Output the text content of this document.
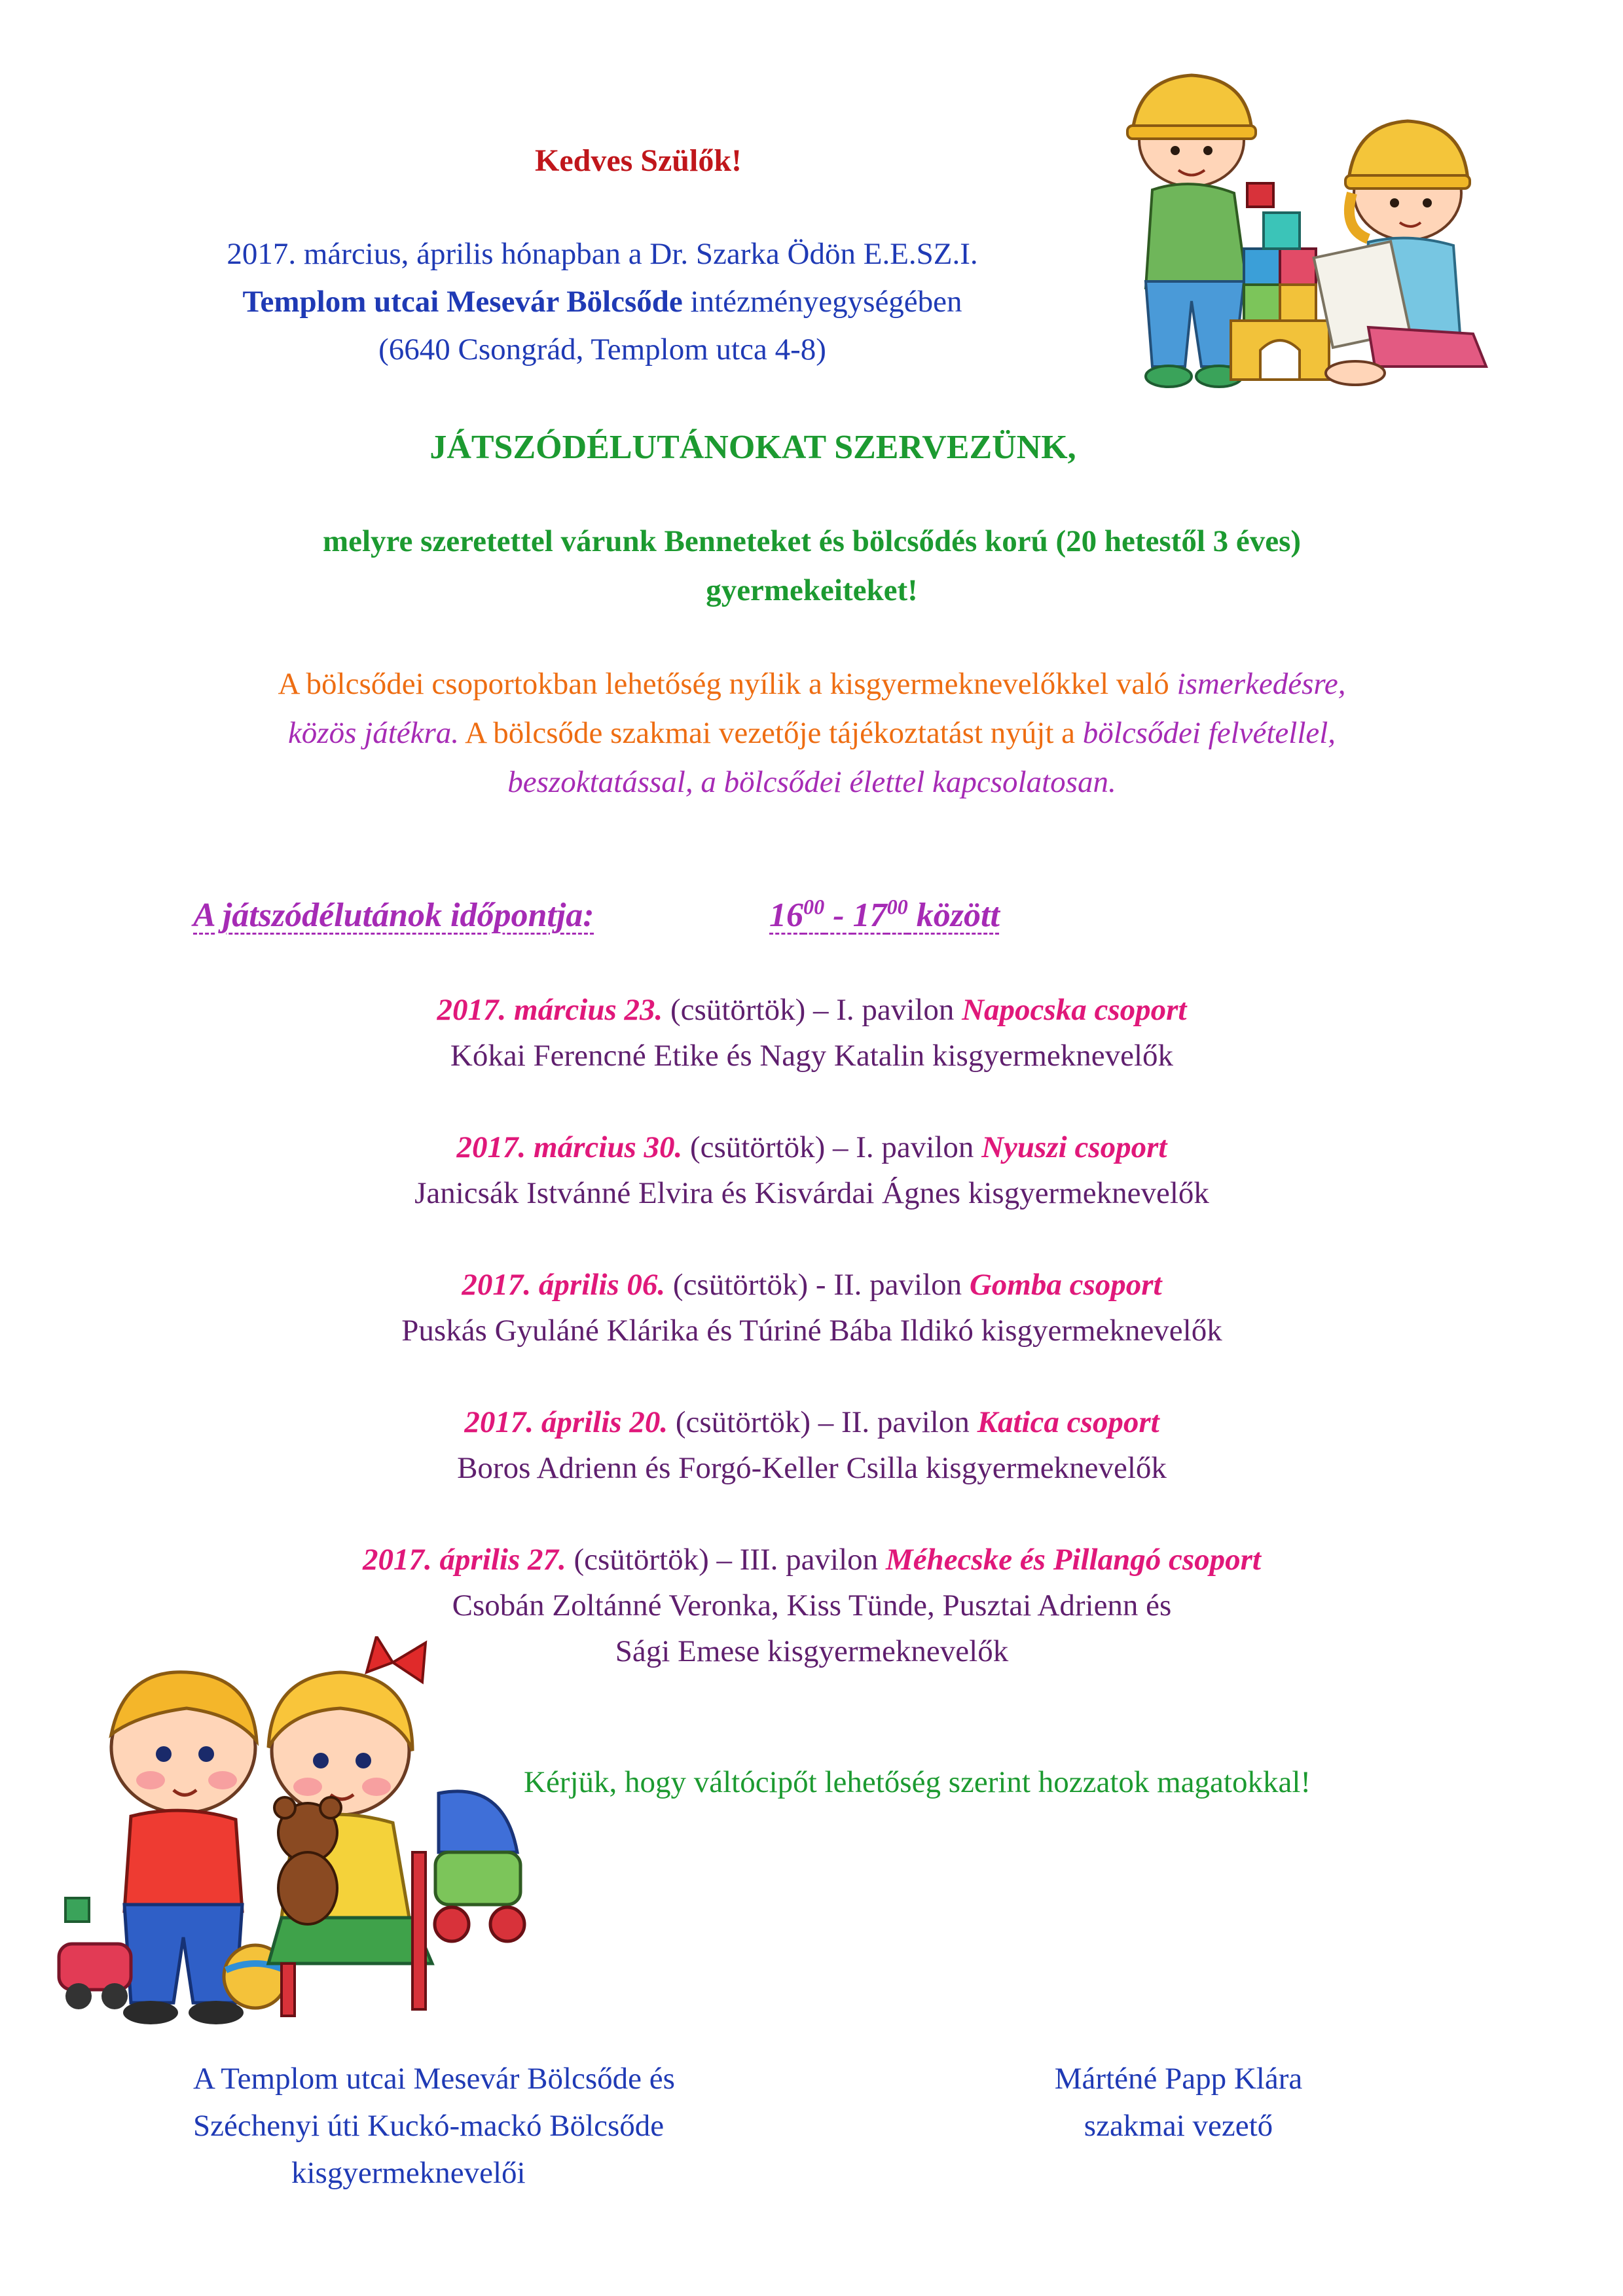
Kedves Szülők!
2017. március, április hónapban a Dr. Szarka Ödön E.E.SZ.I.
Templom utcai Mesevár Bölcsőde intézményegységében
(6640 Csongrád, Templom utca 4-8)
JÁTSZÓDÉLUTÁNOKAT SZERVEZÜNK,
melyre szeretettel várunk Benneteket és bölcsődés korú (20 hetestől 3 éves)
gyermekeiteket!
A bölcsődei csoportokban lehetőség nyílik a kisgyermeknevelőkkel való ismerkedésre,
közös játékra. A bölcsőde szakmai vezetője tájékoztatást nyújt a bölcsődei felvétellel,
beszoktatással, a bölcsődei élettel kapcsolatosan.
A játszódélutánok időpontja:	$16^{00} - 17^{00}$ között
2017. március 23. (csütörtök) – I. pavilon Napocska csoport
Kókai Ferencné Etike és Nagy Katalin kisgyermeknevelők
2017. március 30. (csütörtök) – I. pavilon Nyuszi csoport
Janicsák Istvánné Elvira és Kisvárdai Ágnes kisgyermeknevelők
2017. április 06. (csütörtök) - II. pavilon Gomba csoport
Puskás Gyuláné Klárika és Túriné Bába Ildikó kisgyermeknevelők
2017. április 20. (csütörtök) – II. pavilon Katica csoport
Boros Adrienn és Forgó-Keller Csilla kisgyermeknevelők
2017. április 27. (csütörtök) – III. pavilon Méhecske és Pillangó csoport
Csobán Zoltánné Veronka, Kiss Tünde, Pusztai Adrienn és
Sági Emese kisgyermeknevelők
Kérjük, hogy váltócipőt lehetőség szerint hozzatok magatokkal!
A Templom utcai Mesevár Bölcsőde és
Széchenyi úti Kuckó-mackó Bölcsőde
kisgyermeknevelői
Márténé Papp Klára
szakmai vezető
